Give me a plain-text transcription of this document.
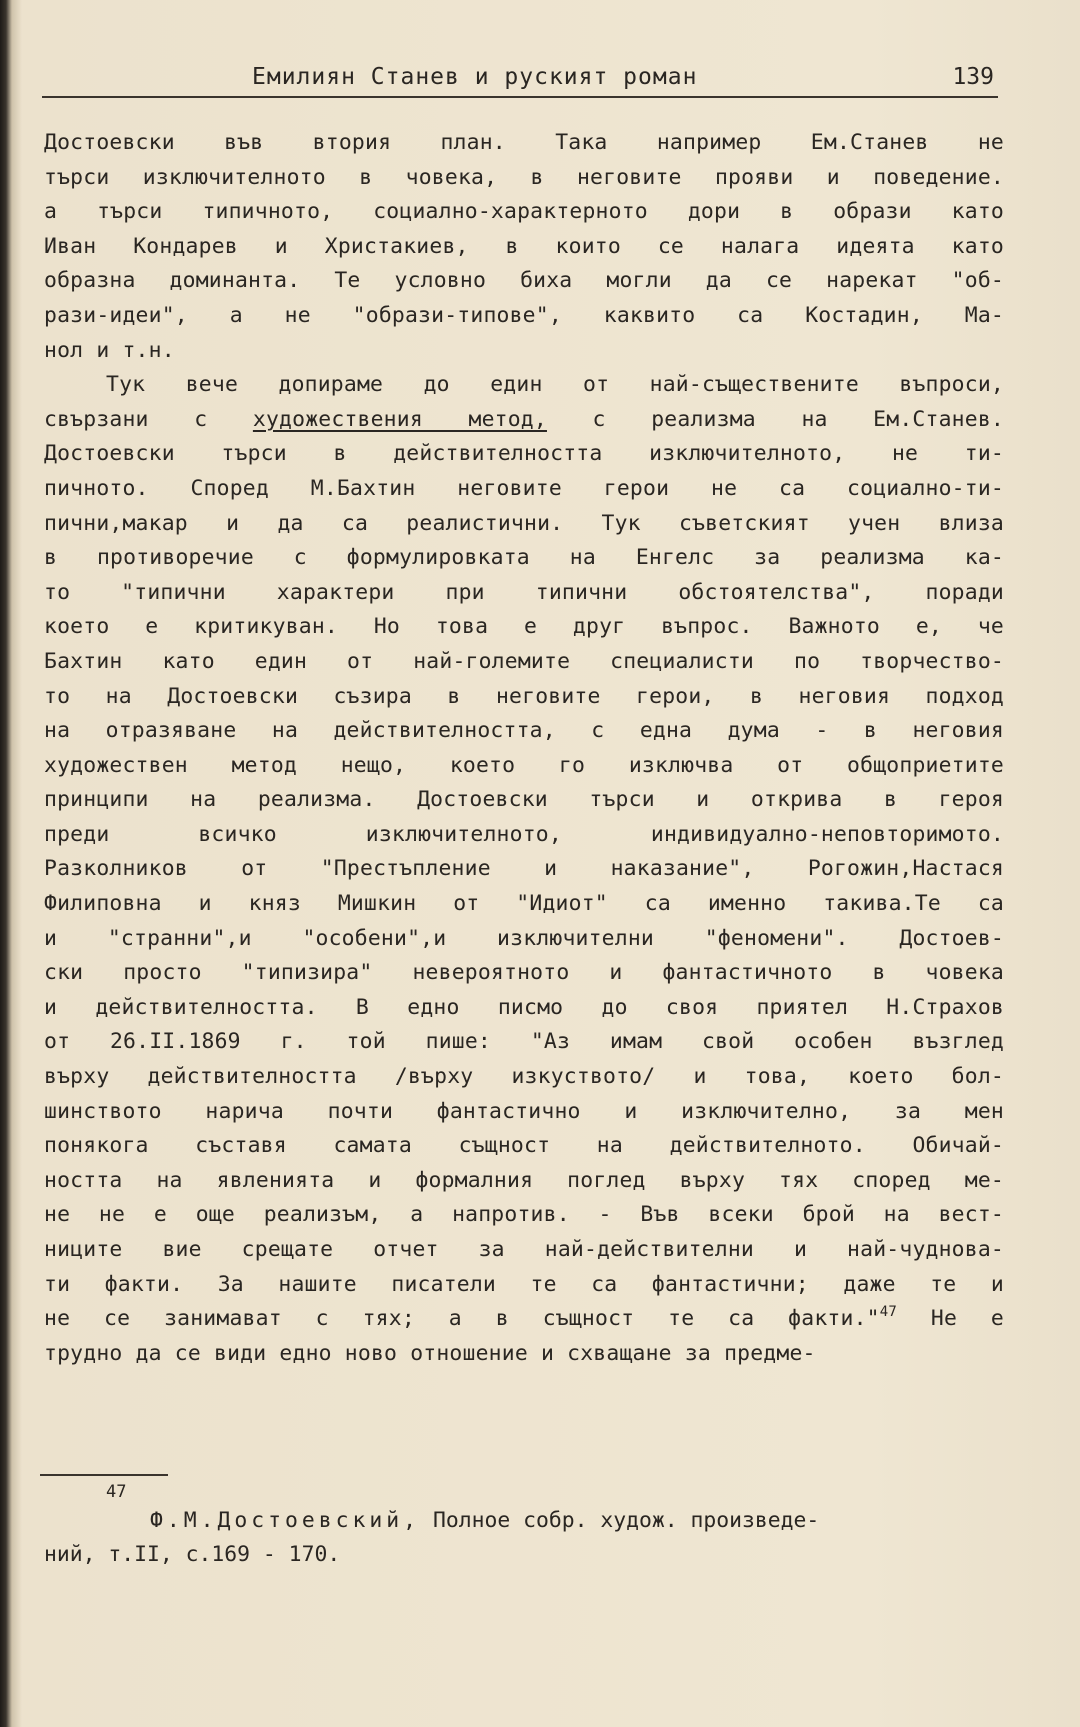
Емилиян Станев и руският роман	139
Достоевски във втория план. Така например Ем.Станев не
търси изключителното в човека, в неговите прояви и поведение.
а търси типичното, социално-характерното дори в образи като
Иван Кондарев и Христакиев, в които се налага идеята като
образна доминанта. Те условно биха могли да се нарекат "об-
рази-идеи", а не "образи-типове", каквито са Костадин, Ма-
нол и т.н.
Тук вече допираме до един от най-съществените въпроси,
свързани с художествения метод, с реализма на Ем.Станев.
Достоевски търси в действителността изключителното, не ти-
пичното. Според М.Бахтин неговите герои не са социално-ти-
пични,макар и да са реалистични. Тук съветският учен влиза
в противоречие с формулировката на Енгелс за реализма ка-
то "типични характери при типични обстоятелства", поради
което е критикуван. Но това е друг въпрос. Важното е, че
Бахтин като един от най-големите специалисти по творчество-
то на Достоевски съзира в неговите герои, в неговия подход
на отразяване на действителността, с една дума - в неговия
художествен метод нещо, което го изключва от общоприетите
принципи на реализма. Достоевски търси и открива в героя
преди всичко изключителното, индивидуално-неповторимото.
Разколников от "Престъпление и наказание", Рогожин,Настася
Филиповна и княз Мишкин от "Идиот" са именно такива.Те са
и "странни",и "особени",и изключителни "феномени". Достоев-
ски просто "типизира" невероятното и фантастичното в човека
и действителността. В едно писмо до своя приятел Н.Страхов
от 26.II.1869 г. той пише: "Аз имам свой особен възглед
върху действителността /върху изкуството/ и това, което бол-
шинството нарича почти фантастично и изключително, за мен
понякога съставя самата същност на действителното. Обичай-
ността на явленията и формалния поглед върху тях според ме-
не не е още реализъм, а напротив. - Във всеки брой на вест-
ниците вие срещате отчет за най-действителни и най-чуднова-
ти факти. За нашите писатели те са фантастични; даже те и
не се занимават с тях; а в същност те са факти."$^{47}$ Не е
трудно да се види едно ново отношение и схващане за предме-
47
Ф.М.Достоевский, Полное собр. худож. произведе-
ний, т.II, с.169 - 170.
